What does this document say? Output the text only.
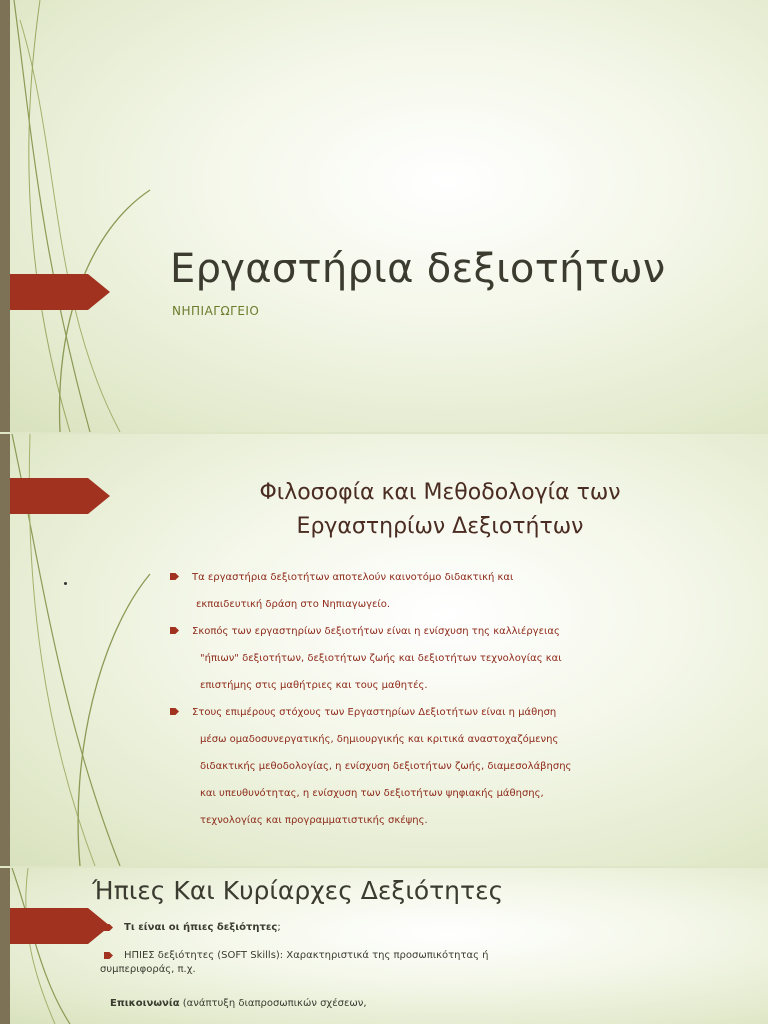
Εργαστήρια δεξιοτήτων
ΝΗΠΙΑΓΩΓΕΙΟ
Φιλοσοφία και Μεθοδολογία των
Εργαστηρίων Δεξιοτήτων
Τα εργαστήρια δεξιοτήτων αποτελούν καινοτόμο διδακτική και
εκπαιδευτική δράση στο Νηπιαγωγείο.
Σκοπός των εργαστηρίων δεξιοτήτων είναι η ενίσχυση της καλλιέργειας
"ήπιων" δεξιοτήτων, δεξιοτήτων ζωής και δεξιοτήτων τεχνολογίας και
επιστήμης στις μαθήτριες και τους μαθητές.
Στους επιμέρους στόχους των Εργαστηρίων Δεξιοτήτων είναι η μάθηση
μέσω ομαδοσυνεργατικής, δημιουργικής και κριτικά αναστοχαζόμενης
διδακτικής μεθοδολογίας, η ενίσχυση δεξιοτήτων ζωής, διαμεσολάβησης
και υπευθυνότητας, η ενίσχυση των δεξιοτήτων ψηφιακής μάθησης,
τεχνολογίας και προγραμματιστικής σκέψης.
Ήπιες Και Κυρίαρχες Δεξιότητες
Τι είναι οι ήπιες δεξιότητες;
ΗΠΙΕΣ δεξιότητες (SOFT Skills): Χαρακτηριστικά της προσωπικότητας ή
συμπεριφοράς, π.χ.
Επικοινωνία (ανάπτυξη διαπροσωπικών σχέσεων,
